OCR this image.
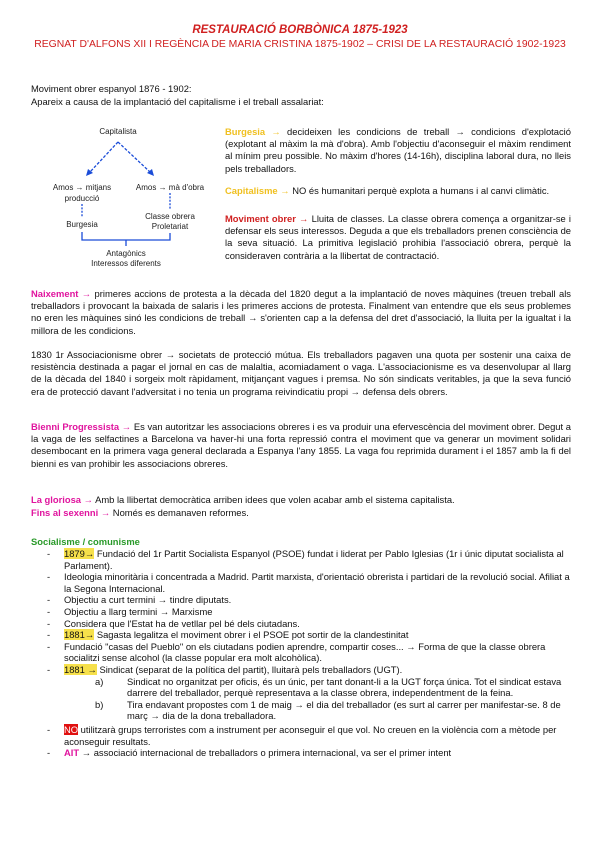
RESTAURACIÓ BORBÒNICA 1875-1923
REGNAT D'ALFONS XII I REGÈNCIA DE MARIA CRISTINA 1875-1902 – CRISI DE LA RESTAURACIÓ 1902-1923

Moviment obrer espanyol 1876 - 1902:

Apareix a causa de la implantació del capitalisme i el treball assalariat:

Capitalista
Amos → mitjans
producció
Amos → mà d'obra
Burgesia
Classe obrera
Proletariat
Antagònics
Interessos diferents

Burgesia → decideixen les condicions de treball → condicions d'explotació (explotant al màxim la mà d'obra). Amb l'objectiu d'aconseguir el màxim rendiment al mínim preu possible. No màxim d'hores (14-16h), disciplina laboral dura, no lleis pels treballadors.

Capitalisme → NO és humanitari perquè explota a humans i al canvi climàtic.

Moviment obrer → Lluita de classes. La classe obrera comença a organitzar-se i defensar els seus interessos. Deguda a que els treballadors prenen consciència de la seva situació. La primitiva legislació prohibia l'associació obrera, perquè la consideraven contrària a la llibertat de contractació.

Naixement → primeres accions de protesta a la dècada del 1820 degut a la implantació de noves màquines (treuen treball als treballadors i provocant la baixada de salaris i les primeres accions de protesta. Finalment van entendre que els seus problemes no eren les màquines sinó les condicions de treball → s'orienten cap a la defensa del dret d'associació, la lluita per la igualtat i la millora de les condicions.

1830 1r Associacionisme obrer → societats de protecció mútua. Els treballadors pagaven una quota per sostenir una caixa de resistència destinada a pagar el jornal en cas de malaltia, acomiadament o vaga. L'associacionisme es va desenvolupar al llarg de la dècada del 1840 i sorgeix molt ràpidament, mitjançant vagues i premsa. No són sindicats veritables, ja que la seva funció era de protecció davant l'adversitat i no tenia un programa reivindicatiu propi → defensa dels obrers.

Bienni Progressista → Es van autoritzar les associacions obreres i es va produir una efervescència del moviment obrer. Degut a la vaga de les selfactines a Barcelona va haver-hi una forta repressió contra el moviment que va generar un moviment solidari desembocant en la primera vaga general declarada a Espanya l'any 1855. La vaga fou reprimida durament i el 1857 amb la fi del bienni es van prohibir les associacions obreres.

La gloriosa → Amb la llibertat democràtica arriben idees que volen acabar amb el sistema capitalista.

Fins al sexenni → Només es demanaven reformes.

Socialisme / comunisme

- 1879→ Fundació del 1r Partit Socialista Espanyol (PSOE) fundat i liderat per Pablo Iglesias (1r i únic diputat socialista al Parlament).
- Ideologia minoritària i concentrada a Madrid. Partit marxista, d'orientació obrerista i partidari de la revolució social. Afiliat a la Segona Internacional.
- Objectiu a curt termini → tindre diputats.
- Objectiu a llarg termini → Marxisme
- Considera que l'Estat ha de vetllar pel bé dels ciutadans.
- 1881→ Sagasta legalitza el moviment obrer i el PSOE pot sortir de la clandestinitat
- Fundació "casas del Pueblo" on els ciutadans podien aprendre, compartir coses... → Forma de que la classe obrera socialitzi sense alcohol (la classe popular era molt alcohòlica).
- 1881 → Sindicat (separat de la política del partit), lluitarà pels treballadors (UGT).
a)	Sindicat no organitzat per oficis, és un únic, per tant donant-li a la UGT força única. Tot el sindicat estava darrere del treballador, perquè representava a la classe obrera, independentment de la feina.
b)	Tira endavant propostes com 1 de maig → el dia del treballador (es surt al carrer per manifestar-se. 8 de març → dia de la dona treballadora.
- NO utilitzarà grups terroristes com a instrument per aconseguir el que vol. No creuen en la violència com a mètode per aconseguir resultats.
- AIT → associació internacional de treballadors o primera internacional, va ser el primer intent
